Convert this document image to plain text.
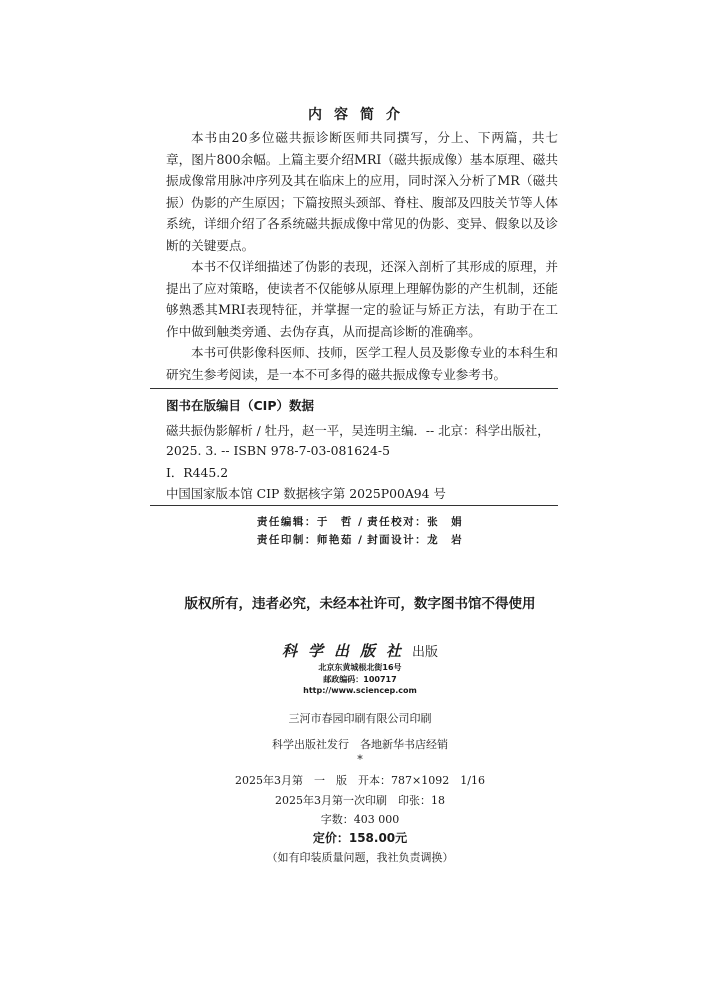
内容简介

本书由20多位磁共振诊断医师共同撰写，分上、下两篇，共七章，图片800余幅。上篇主要介绍MRI（磁共振成像）基本原理、磁共振成像常用脉冲序列及其在临床上的应用，同时深入分析了MR（磁共振）伪影的产生原因；下篇按照头颈部、脊柱、腹部及四肢关节等人体系统，详细介绍了各系统磁共振成像中常见的伪影、变异、假象以及诊断的关键要点。

本书不仅详细描述了伪影的表现，还深入剖析了其形成的原理，并提出了应对策略，使读者不仅能够从原理上理解伪影的产生机制，还能够熟悉其MRI表现特征，并掌握一定的验证与矫正方法，有助于在工作中做到触类旁通、去伪存真，从而提高诊断的准确率。

本书可供影像科医师、技师，医学工程人员及影像专业的本科生和研究生参考阅读，是一本不可多得的磁共振成像专业参考书。

图书在版编目（CIP）数据
磁共振伪影解析 / 牡丹，赵一平，吴连明主编．-- 北京：科学出版社，
2025. 3. -- ISBN 978-7-03-081624-5
Ⅰ．R445.2
中国国家版本馆 CIP 数据核字第 2025P00A94 号
责任编辑：于　哲 / 责任校对：张　娟
责任印制：师艳茹 / 封面设计：龙　岩
版权所有，违者必究，未经本社许可，数字图书馆不得使用
科学出版社出版
北京东黄城根北街16号
邮政编码：100717
http://www.sciencep.com
三河市春园印刷有限公司印刷
科学出版社发行　各地新华书店经销
*
2025年3月第　一　版　开本：787×1092　1/16
2025年3月第一次印刷　印张：18
字数：403 000
定价：158.00元
（如有印装质量问题，我社负责调换）
